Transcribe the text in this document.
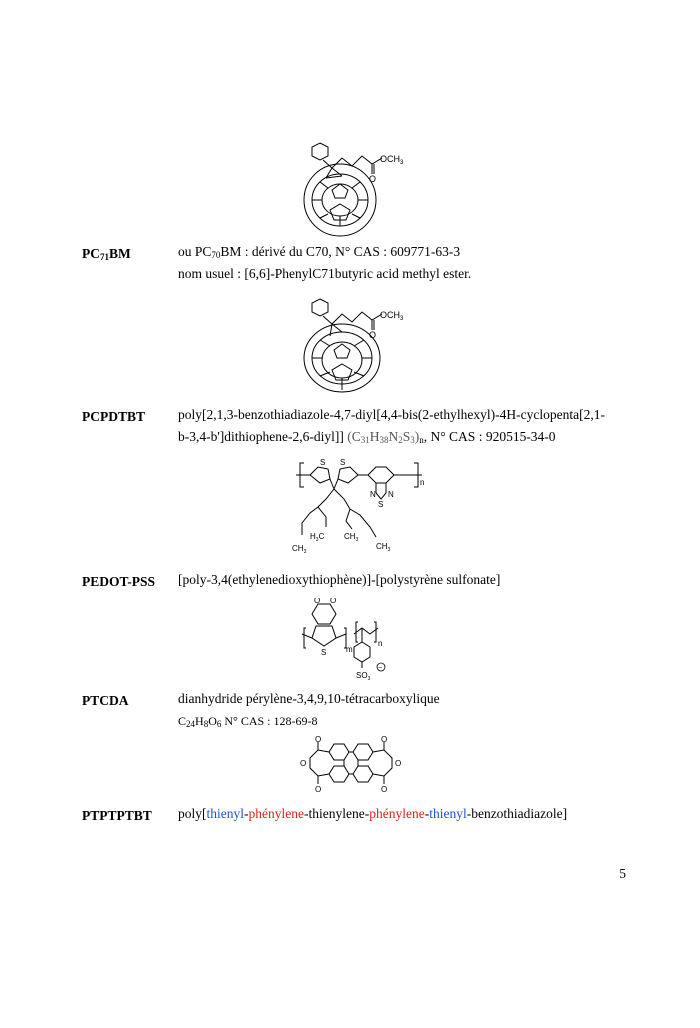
$OCH_3$
O
$PC_{71}BM$	ou $PC_{70}BM$ : dérivé du C70, N° CAS : 609771-63-3
nom usuel : [6,6]-PhenylC71butyric acid methyl ester.
$OCH_3$
O
PCPDTBT poly[2,1,3-benzothiadiazole-4,7-diyl[4,4-bis(2-ethylhexyl)-4H-cyclopenta[2,1-
b-3,4-b']dithiophene-2,6-diyl]] $(C_{31}H_{38}N_2S_3)_n$, N° CAS : 920515-34-0
S S
N N
S
n
$H_3C$ $CH_3$
$CH_3$
$CH_3$
PEDOT-PSS [poly-3,4(ethylenedioxythiophène)]-[polystyrène sulfonate]
O O
S m
n
$SO_3$
−
PTCDA	dianhydride pérylène-3,4,9,10-tétracarboxylique
$C_{24}H_8O_6$ N° CAS : 128-69-8
O
O
O
O
O
O
PTPTPTBT poly[thienyl-phénylene-thienylene-phénylene-thienyl-benzothiadiazole]
5
